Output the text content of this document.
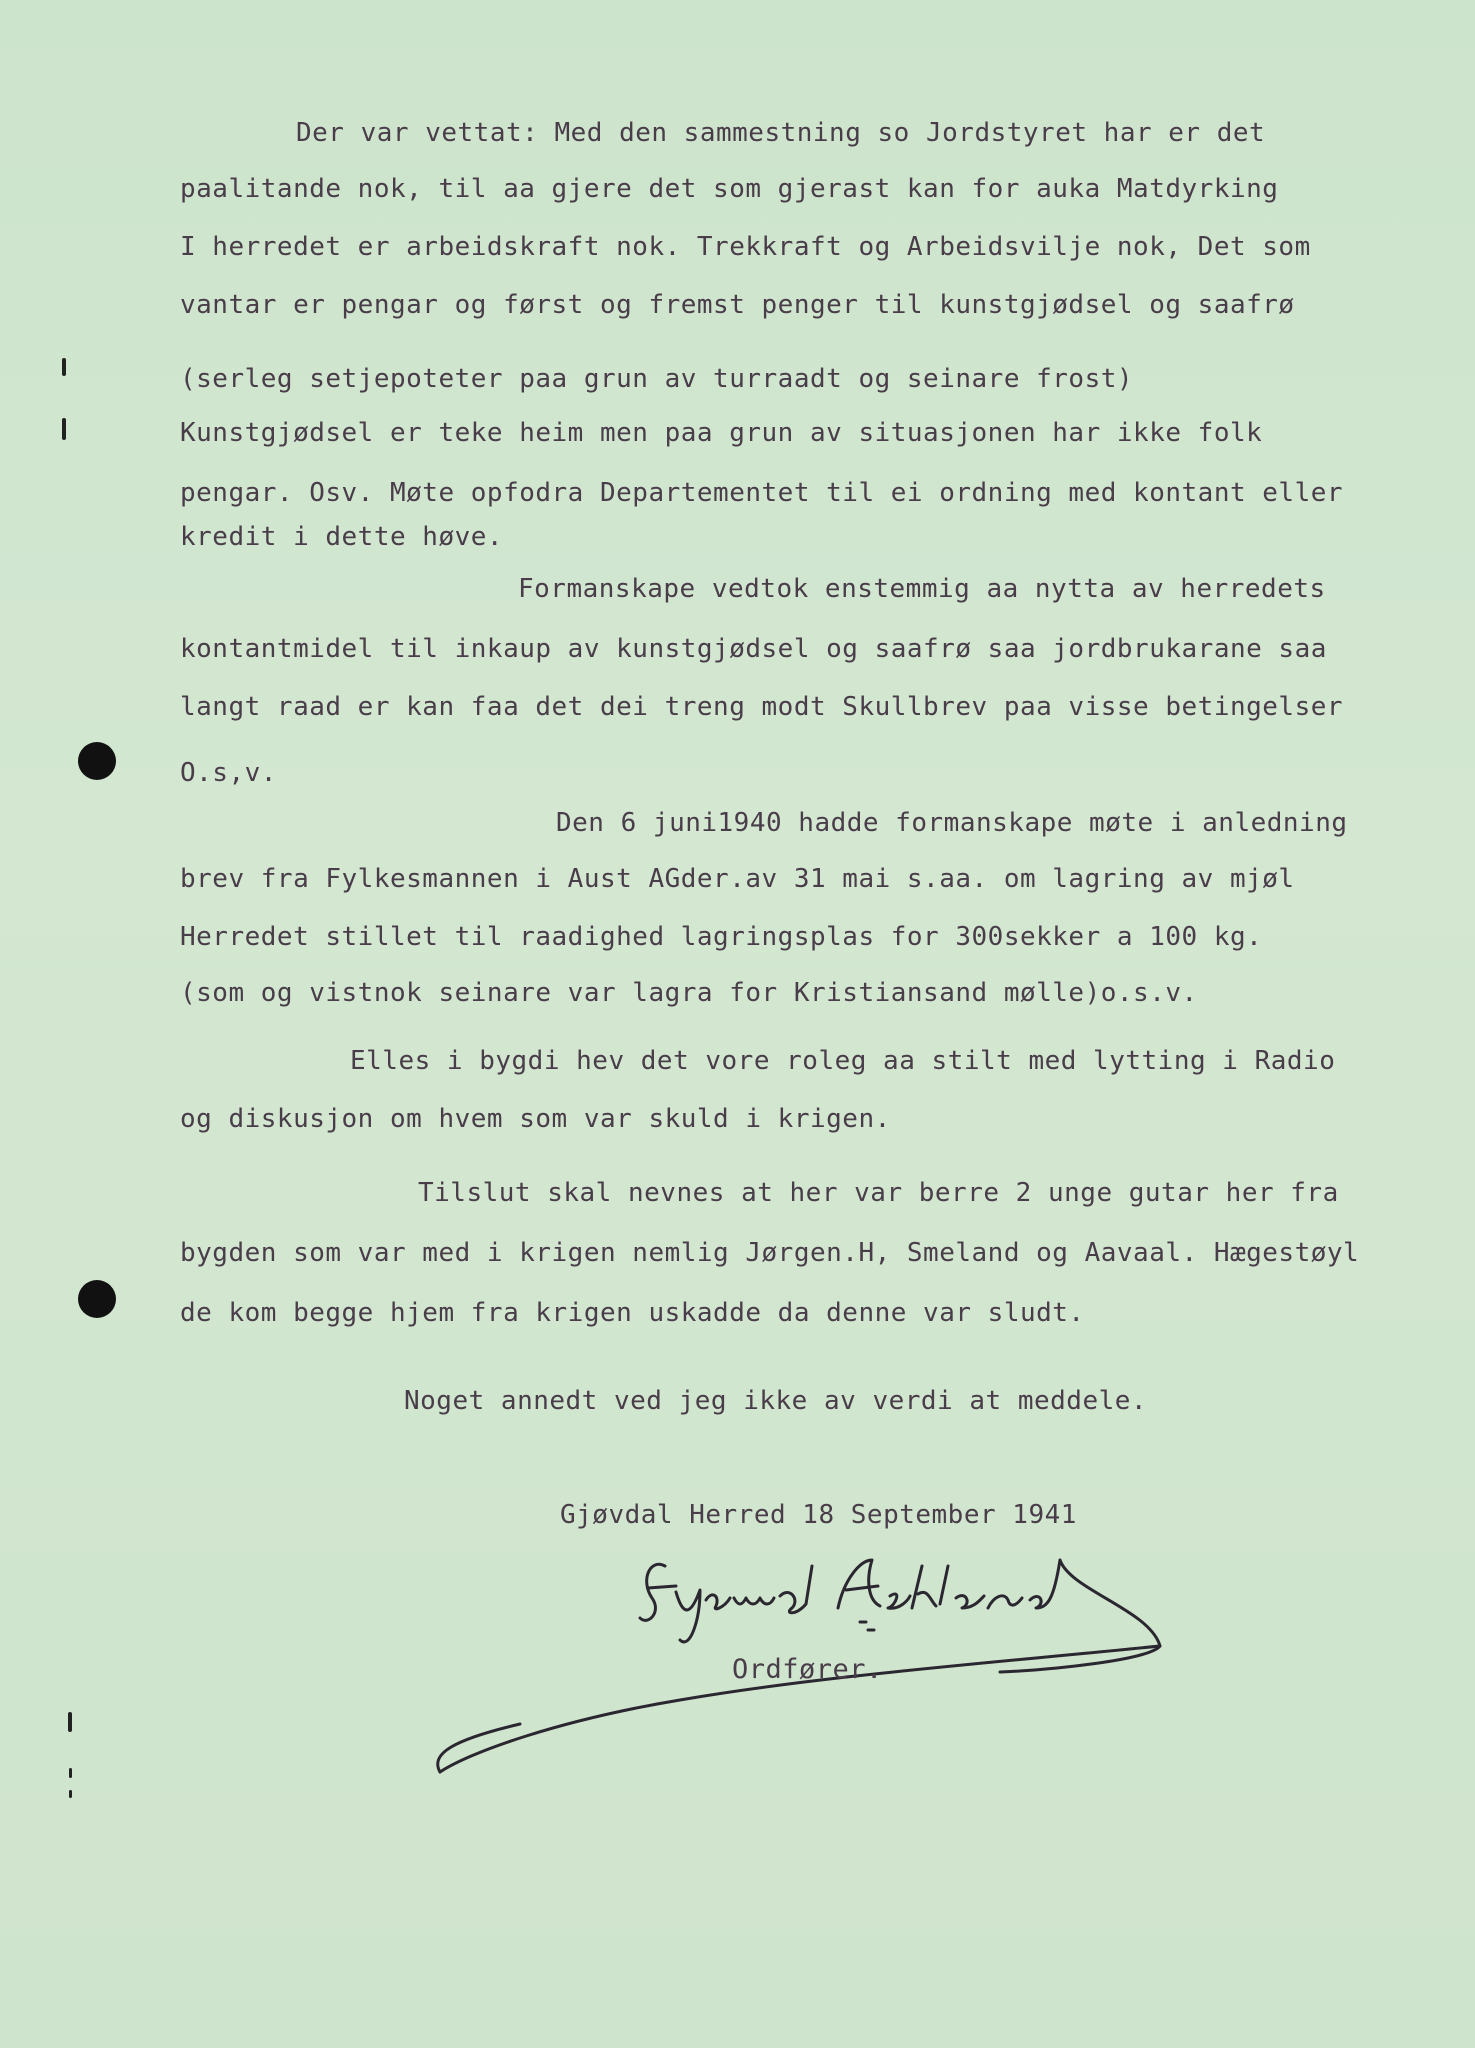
Der var vettat: Med den sammestning so Jordstyret har er det
paalitande nok, til aa gjere det som gjerast kan for auka Matdyrking
I herredet er arbeidskraft nok. Trekkraft og Arbeidsvilje nok, Det som
vantar er pengar og først og fremst penger til kunstgjødsel og saafrø
(serleg setjepoteter paa grun av turraadt og seinare frost)
Kunstgjødsel er teke heim men paa grun av situasjonen har ikke folk
pengar. Osv. Møte opfodra Departementet til ei ordning med kontant eller
kredit i dette høve.
Formanskape vedtok enstemmig aa nytta av herredets
kontantmidel til inkaup av kunstgjødsel og saafrø saa jordbrukarane saa
langt raad er kan faa det dei treng modt Skullbrev paa visse betingelser
O.s,v.
Den 6 juni1940 hadde formanskape møte i anledning
brev fra Fylkesmannen i Aust AGder.av 31 mai s.aa. om lagring av mjøl
Herredet stillet til raadighed lagringsplas for 300sekker a 100 kg.
(som og vistnok seinare var lagra for Kristiansand mølle)o.s.v.
Elles i bygdi hev det vore roleg aa stilt med lytting i Radio
og diskusjon om hvem som var skuld i krigen.
Tilslut skal nevnes at her var berre 2 unge gutar her fra
bygden som var med i krigen nemlig Jørgen.H, Smeland og Aavaal. Hægestøyl
de kom begge hjem fra krigen uskadde da denne var sludt.
Noget annedt ved jeg ikke av verdi at meddele.
Gjøvdal Herred 18 September 1941
Ordfører.
